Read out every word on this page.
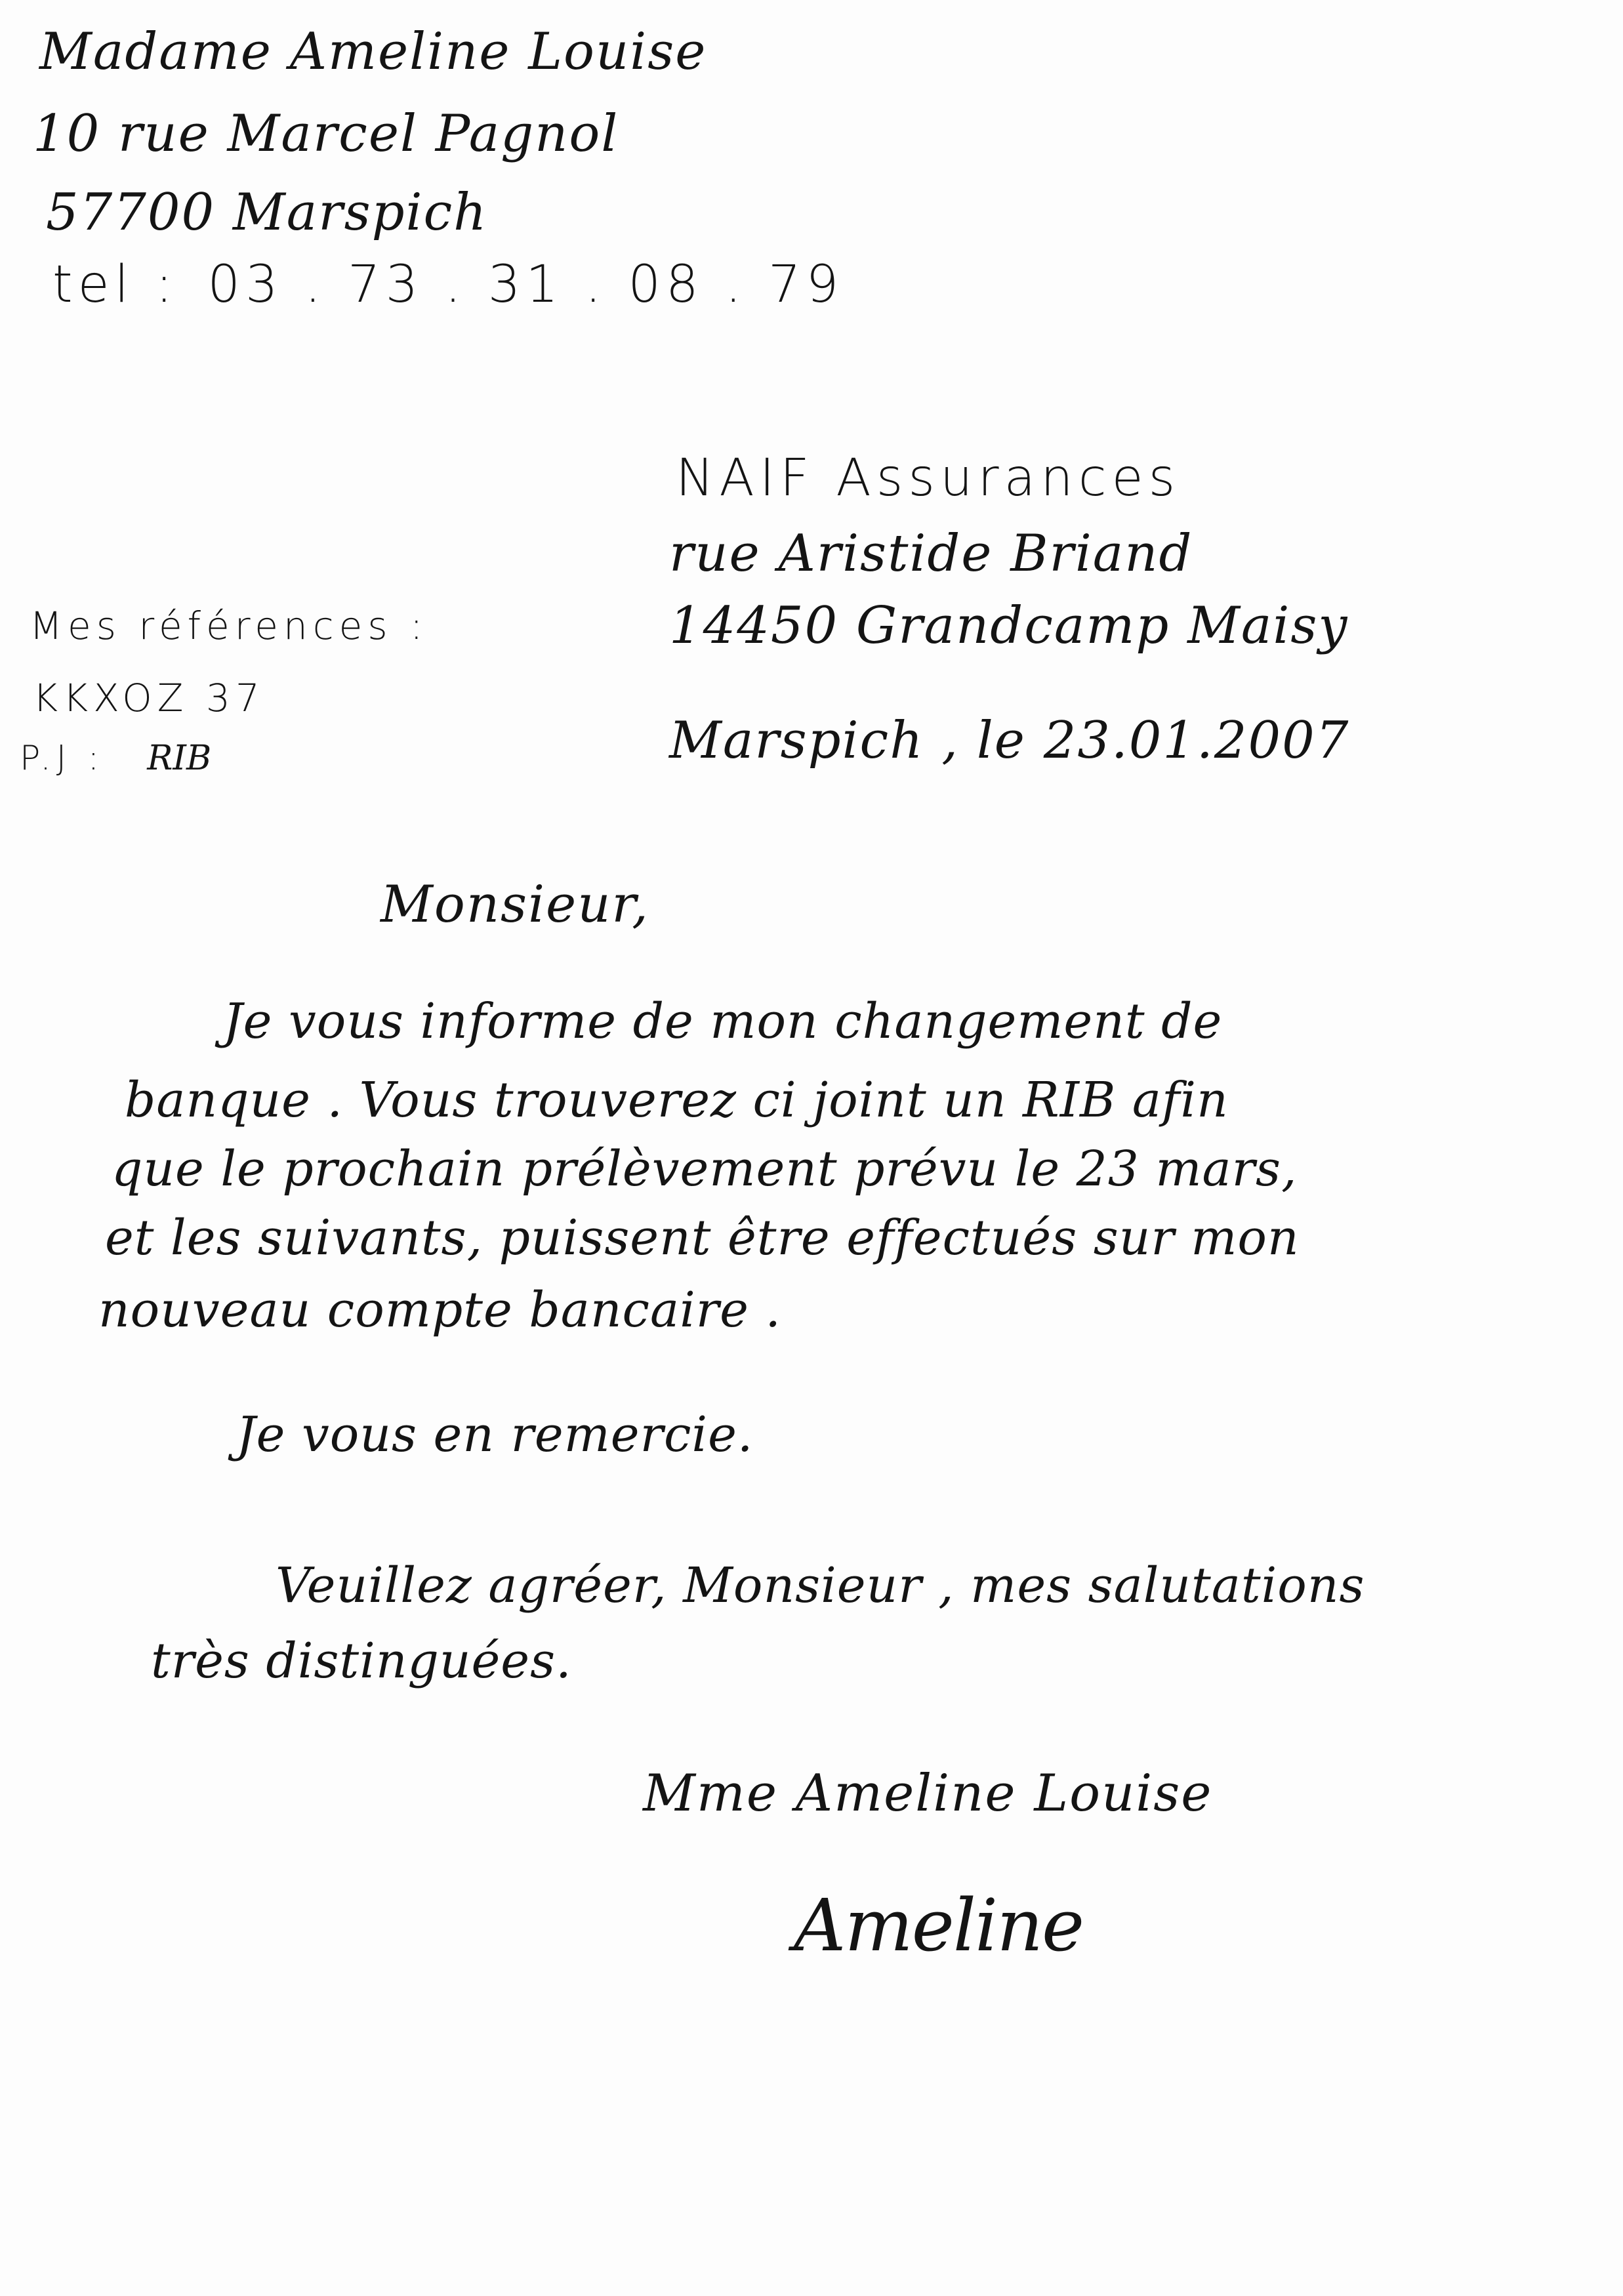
Madame Ameline Louise

10 rue Marcel Pagnol

57700 Marspich

tel : 03 . 73 . 31 . 08 . 79

NAIF Assurances

rue Aristide Briand

14450 Grandcamp Maisy

Marspich , le 23.01.2007

Mes références :

KKXOZ 37

P.J : RIB

Monsieur,

Je vous informe de mon changement de

banque . Vous trouverez ci joint un RIB afin

que le prochain prélèvement prévu le 23 mars,

et les suivants, puissent être effectués sur mon

nouveau compte bancaire .

Je vous en remercie.

Veuillez agréer, Monsieur , mes salutations

très distinguées.

Mme Ameline Louise

Ameline
